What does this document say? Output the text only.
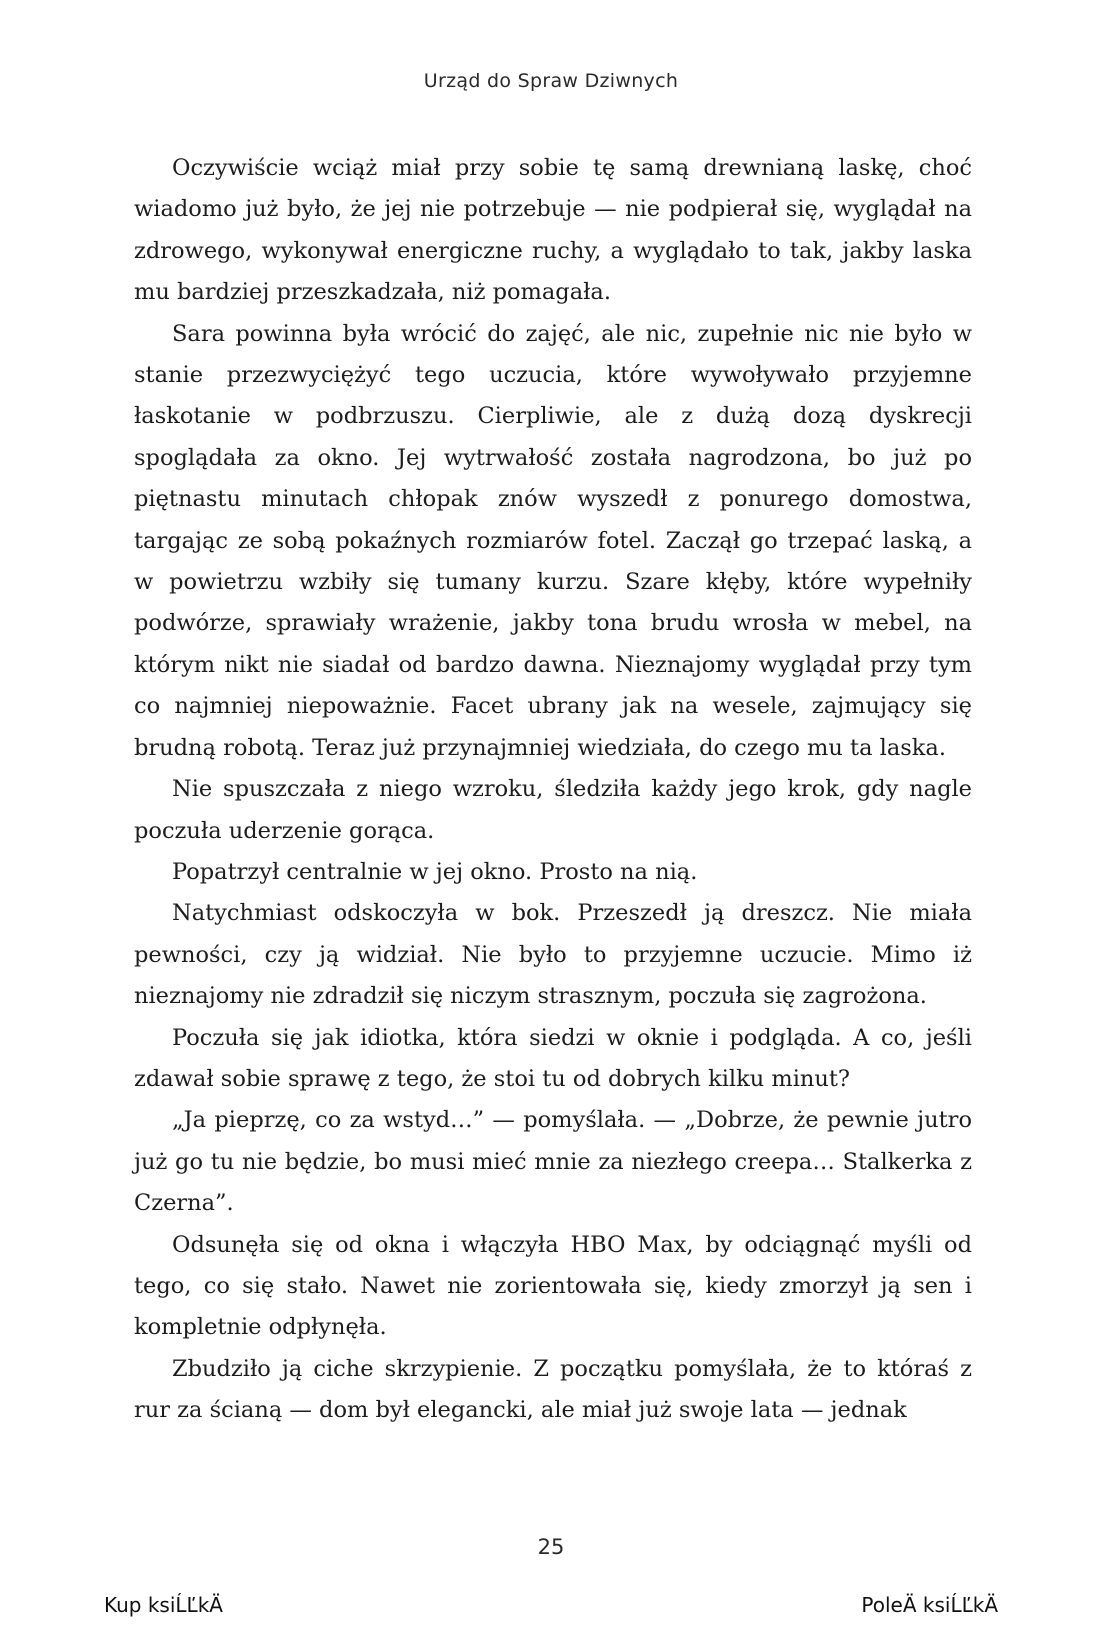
Urząd do Spraw Dziwnych

Oczywiście wciąż miał przy sobie tę samą drewnianą laskę, choć wiadomo już było, że jej nie potrzebuje — nie podpierał się, wyglądał na zdrowego, wykonywał energiczne ruchy, a wyglądało to tak, jakby laska mu bardziej przeszkadzała, niż pomagała.

Sara powinna była wrócić do zajęć, ale nic, zupełnie nic nie było w stanie przezwyciężyć tego uczucia, które wywoływało przyjemne łaskotanie w podbrzuszu. Cierpliwie, ale z dużą dozą dyskrecji spoglądała za okno. Jej wytrwałość została nagrodzona, bo już po piętnastu minutach chłopak znów wyszedł z ponurego domostwa, targając ze sobą pokaźnych rozmiarów fotel. Zaczął go trzepać laską, a w powietrzu wzbiły się tumany kurzu. Szare kłęby, które wypełniły podwórze, sprawiały wrażenie, jakby tona brudu wrosła w mebel, na którym nikt nie siadał od bardzo dawna. Nieznajomy wyglądał przy tym co najmniej niepoważnie. Facet ubrany jak na wesele, zajmujący się brudną robotą. Teraz już przynajmniej wiedziała, do czego mu ta laska.

Nie spuszczała z niego wzroku, śledziła każdy jego krok, gdy nagle poczuła uderzenie gorąca.

Popatrzył centralnie w jej okno. Prosto na nią.

Natychmiast odskoczyła w bok. Przeszedł ją dreszcz. Nie miała pewności, czy ją widział. Nie było to przyjemne uczucie. Mimo iż nieznajomy nie zdradził się niczym strasznym, poczuła się zagrożona.

Poczuła się jak idiotka, która siedzi w oknie i podgląda. A co, jeśli zdawał sobie sprawę z tego, że stoi tu od dobrych kilku minut?

„Ja pieprzę, co za wstyd…” — pomyślała. — „Dobrze, że pewnie jutro już go tu nie będzie, bo musi mieć mnie za niezłego creepa… Stalkerka z Czerna”.

Odsunęła się od okna i włączyła HBO Max, by odciągnąć myśli od tego, co się stało. Nawet nie zorientowała się, kiedy zmorzył ją sen i kompletnie odpłynęła.

Zbudziło ją ciche skrzypienie. Z początku pomyślała, że to któraś z rur za ścianą — dom był elegancki, ale miał już swoje lata — jednak

25
Kup ksiĹĽkÄ	PoleÄ ksiĹĽkÄ
